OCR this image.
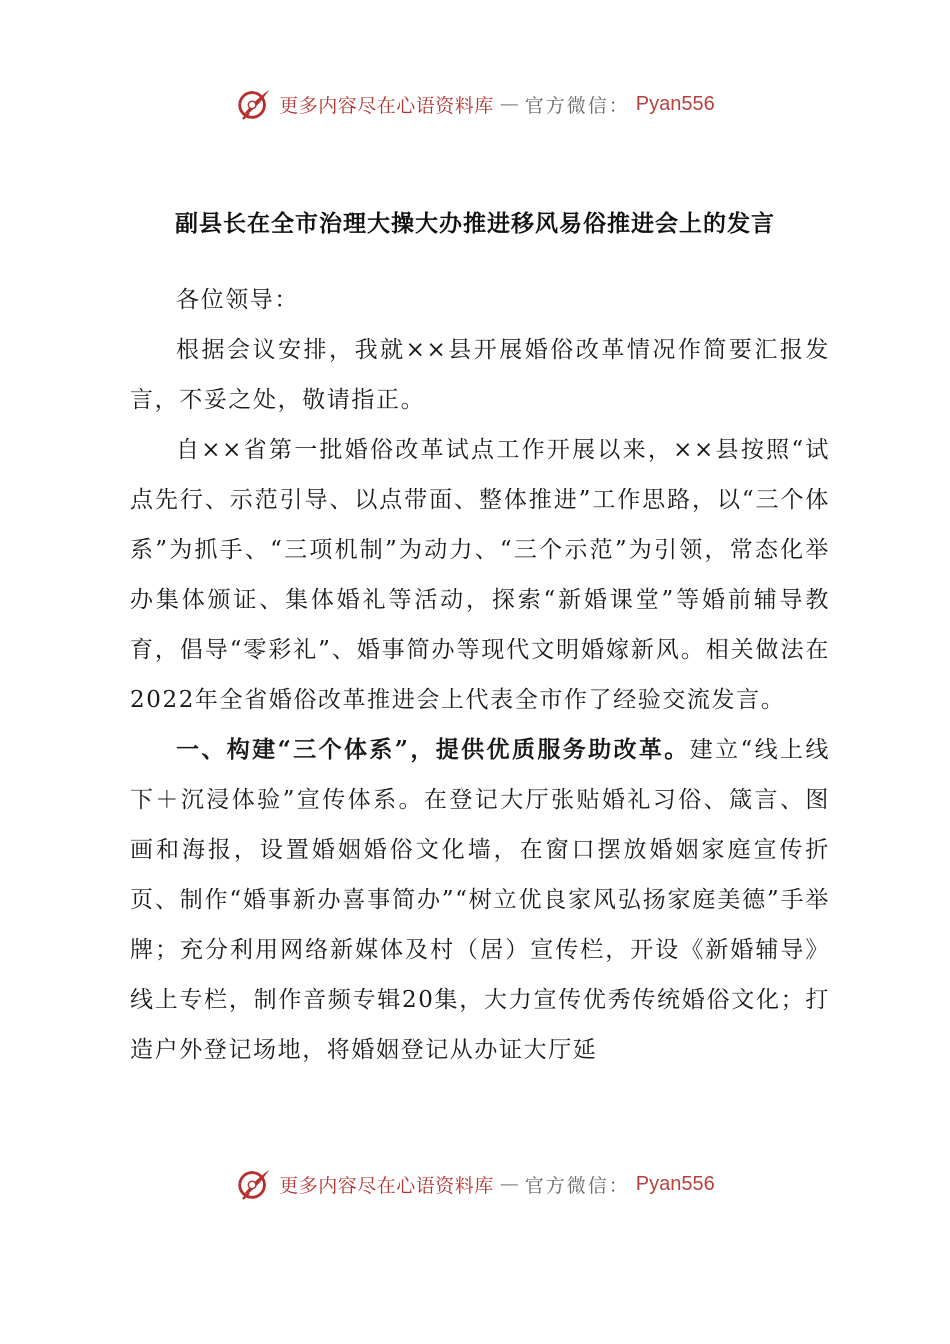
更多内容尽在心语资料库 — 官方微信： Pyan556
副县长在全市治理大操大办推进移风易俗推进会上的发言

各位领导：

根据会议安排，我就××县开展婚俗改革情况作简要汇报发言，不妥之处，敬请指正。

自××省第一批婚俗改革试点工作开展以来，××县按照“试点先行、示范引导、以点带面、整体推进”工作思路，以“三个体系”为抓手、“三项机制”为动力、“三个示范”为引领，常态化举办集体颁证、集体婚礼等活动，探索“新婚课堂”等婚前辅导教育，倡导“零彩礼”、婚事简办等现代文明婚嫁新风。相关做法在2022年全省婚俗改革推进会上代表全市作了经验交流发言。

一、构建“三个体系”，提供优质服务助改革。建立“线上线下＋沉浸体验”宣传体系。在登记大厅张贴婚礼习俗、箴言、图画和海报，设置婚姻婚俗文化墙，在窗口摆放婚姻家庭宣传折页、制作“婚事新办喜事简办”“树立优良家风弘扬家庭美德”手举牌；充分利用网络新媒体及村（居）宣传栏，开设《新婚辅导》线上专栏，制作音频专辑20集，大力宣传优秀传统婚俗文化；打造户外登记场地，将婚姻登记从办证大厅延

更多内容尽在心语资料库 — 官方微信： Pyan556
